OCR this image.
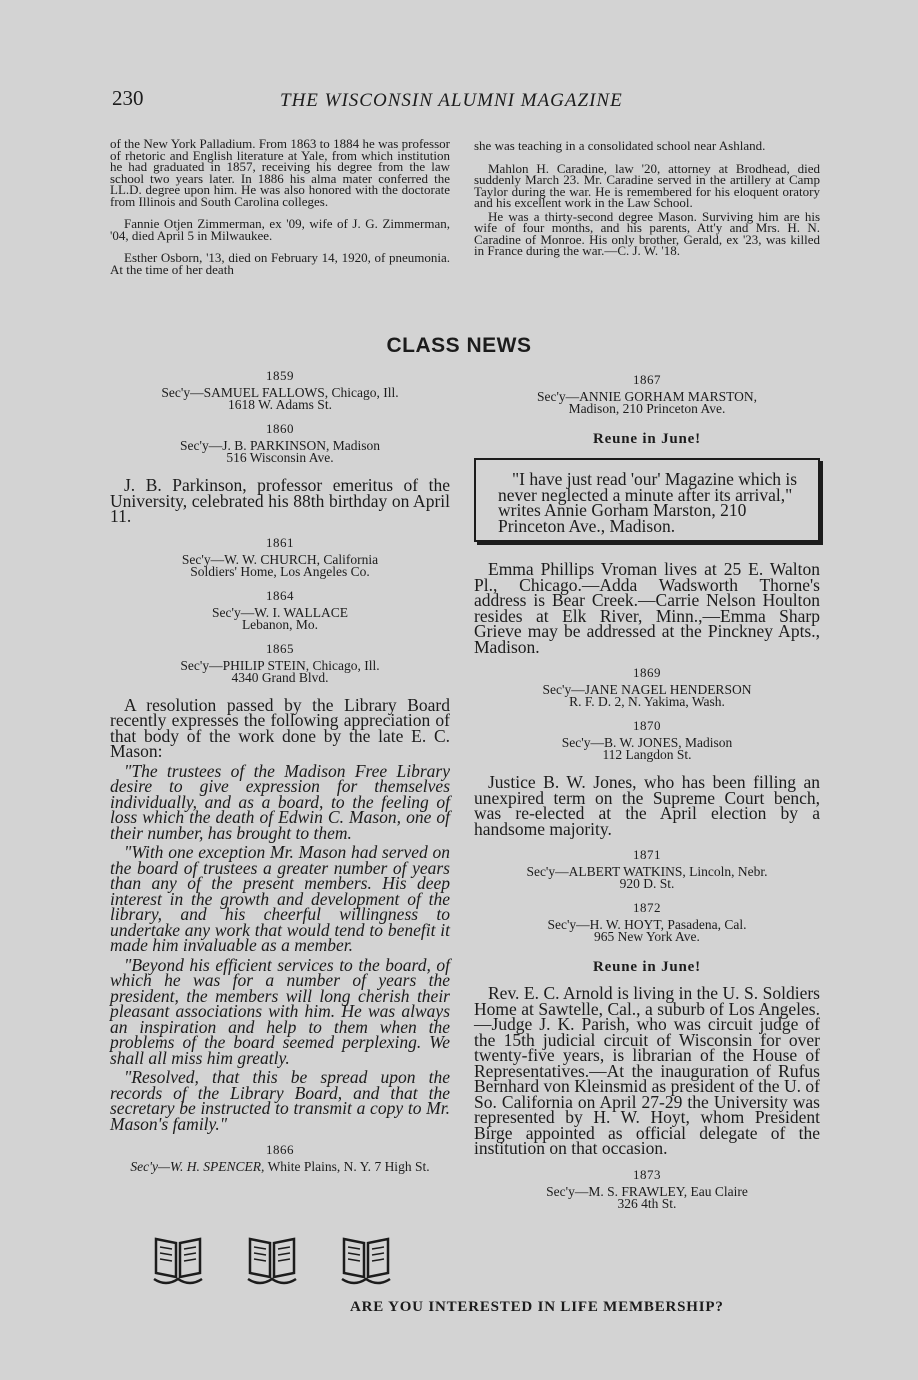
230	THE WISCONSIN ALUMNI MAGAZINE

of the New York Palladium. From 1863 to 1884 he was professor of rhetoric and English literature at Yale, from which institution he had graduated in 1857, receiving his degree from the law school two years later. In 1886 his alma mater conferred the LL.D. degree upon him. He was also honored with the doctorate from Illinois and South Carolina colleges.

Fannie Otjen Zimmerman, ex '09, wife of J. G. Zimmerman, '04, died April 5 in Milwaukee.

Esther Osborn, '13, died on February 14, 1920, of pneumonia. At the time of her death

she was teaching in a consolidated school near Ashland.

Mahlon H. Caradine, law '20, attorney at Brodhead, died suddenly March 23. Mr. Caradine served in the artillery at Camp Taylor during the war. He is remembered for his eloquent oratory and his excellent work in the Law School.

He was a thirty-second degree Mason. Surviving him are his wife of four months, and his parents, Att'y and Mrs. H. N. Caradine of Monroe. His only brother, Gerald, ex '23, was killed in France during the war.—C. J. W. '18.

CLASS NEWS
1859
Sec'y—SAMUEL FALLOWS, Chicago, Ill.
1618 W. Adams St.
1860
Sec'y—J. B. PARKINSON, Madison
516 Wisconsin Ave.

J. B. Parkinson, professor emeritus of the University, celebrated his 88th birthday on April 11.

1861
Sec'y—W. W. CHURCH, California
Soldiers' Home, Los Angeles Co.
1864
Sec'y—W. I. WALLACE
Lebanon, Mo.
1865
Sec'y—PHILIP STEIN, Chicago, Ill.
4340 Grand Blvd.

A resolution passed by the Library Board recently expresses the following appreciation of that body of the work done by the late E. C. Mason:

"The trustees of the Madison Free Library desire to give expression for themselves individually, and as a board, to the feeling of loss which the death of Edwin C. Mason, one of their number, has brought to them.

"With one exception Mr. Mason had served on the board of trustees a greater number of years than any of the present members. His deep interest in the growth and development of the library, and his cheerful willingness to undertake any work that would tend to benefit it made him invaluable as a member.

"Beyond his efficient services to the board, of which he was for a number of years the president, the members will long cherish their pleasant associations with him. He was always an inspiration and help to them when the problems of the board seemed perplexing. We shall all miss him greatly.

"Resolved, that this be spread upon the records of the Library Board, and that the secretary be instructed to transmit a copy to Mr. Mason's family."

1866
Sec'y—W. H. SPENCER, White Plains, N. Y. 7 High St.
1867
Sec'y—ANNIE GORHAM MARSTON,
Madison, 210 Princeton Ave.
Reune in June!

"I have just read 'our' Magazine which is never neglected a minute after its arrival," writes Annie Gorham Marston, 210 Princeton Ave., Madison.

Emma Phillips Vroman lives at 25 E. Walton Pl., Chicago.—Adda Wadsworth Thorne's address is Bear Creek.—Carrie Nelson Houlton resides at Elk River, Minn.,—Emma Sharp Grieve may be addressed at the Pinckney Apts., Madison.

1869
Sec'y—JANE NAGEL HENDERSON
R. F. D. 2, N. Yakima, Wash.
1870
Sec'y—B. W. JONES, Madison
112 Langdon St.

Justice B. W. Jones, who has been filling an unexpired term on the Supreme Court bench, was re-elected at the April election by a handsome majority.

1871
Sec'y—ALBERT WATKINS, Lincoln, Nebr.
920 D. St.
1872
Sec'y—H. W. HOYT, Pasadena, Cal.
965 New York Ave.
Reune in June!

Rev. E. C. Arnold is living in the U. S. Soldiers Home at Sawtelle, Cal., a suburb of Los Angeles.—Judge J. K. Parish, who was circuit judge of the 15th judicial circuit of Wisconsin for over twenty-five years, is librarian of the House of Representatives.—At the inauguration of Rufus Bernhard von Kleinsmid as president of the U. of So. California on April 27-29 the University was represented by H. W. Hoyt, whom President Birge appointed as official delegate of the institution on that occasion.

1873
Sec'y—M. S. FRAWLEY, Eau Claire
326 4th St.
ARE YOU INTERESTED IN LIFE MEMBERSHIP?
